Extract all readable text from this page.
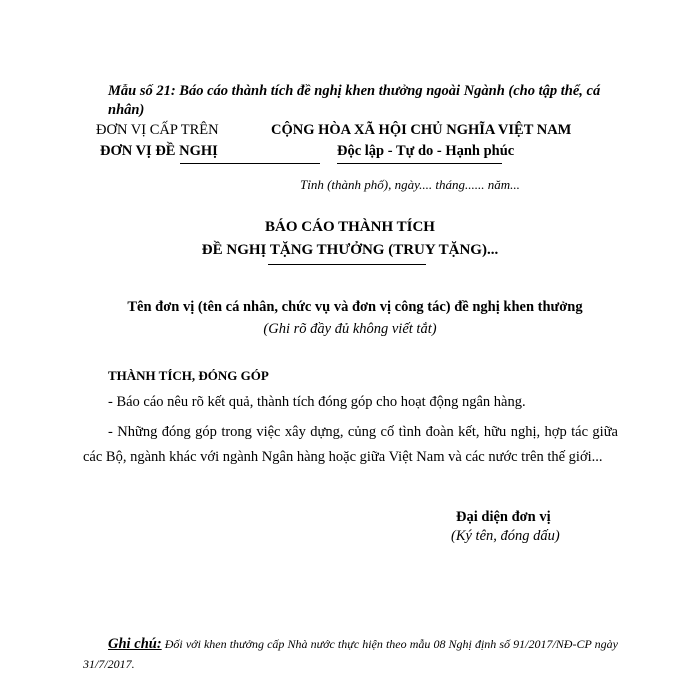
Mẫu số 21: Báo cáo thành tích đề nghị khen thưởng ngoài Ngành (cho tập thể, cá nhân)
ĐƠN VỊ CẤP TRÊN
ĐƠN VỊ ĐỀ NGHỊ
CỘNG HÒA XÃ HỘI CHỦ NGHĨA VIỆT NAM
Độc lập - Tự do - Hạnh phúc
Tỉnh (thành phố), ngày.... tháng...... năm...
BÁO CÁO THÀNH TÍCH
ĐỀ NGHỊ TẶNG THƯỞNG (TRUY TẶNG)...
Tên đơn vị (tên cá nhân, chức vụ và đơn vị công tác) đề nghị khen thưởng
(Ghi rõ đầy đủ không viết tắt)
THÀNH TÍCH, ĐÓNG GÓP
- Báo cáo nêu rõ kết quả, thành tích đóng góp cho hoạt động ngân hàng.
- Những đóng góp trong việc xây dựng, củng cố tình đoàn kết, hữu nghị, hợp tác giữa các Bộ, ngành khác với ngành Ngân hàng hoặc giữa Việt Nam và các nước trên thế giới...
Đại diện đơn vị
(Ký tên, đóng dấu)
Ghi chú: Đối với khen thưởng cấp Nhà nước thực hiện theo mẫu 08 Nghị định số 91/2017/NĐ-CP ngày 31/7/2017.
